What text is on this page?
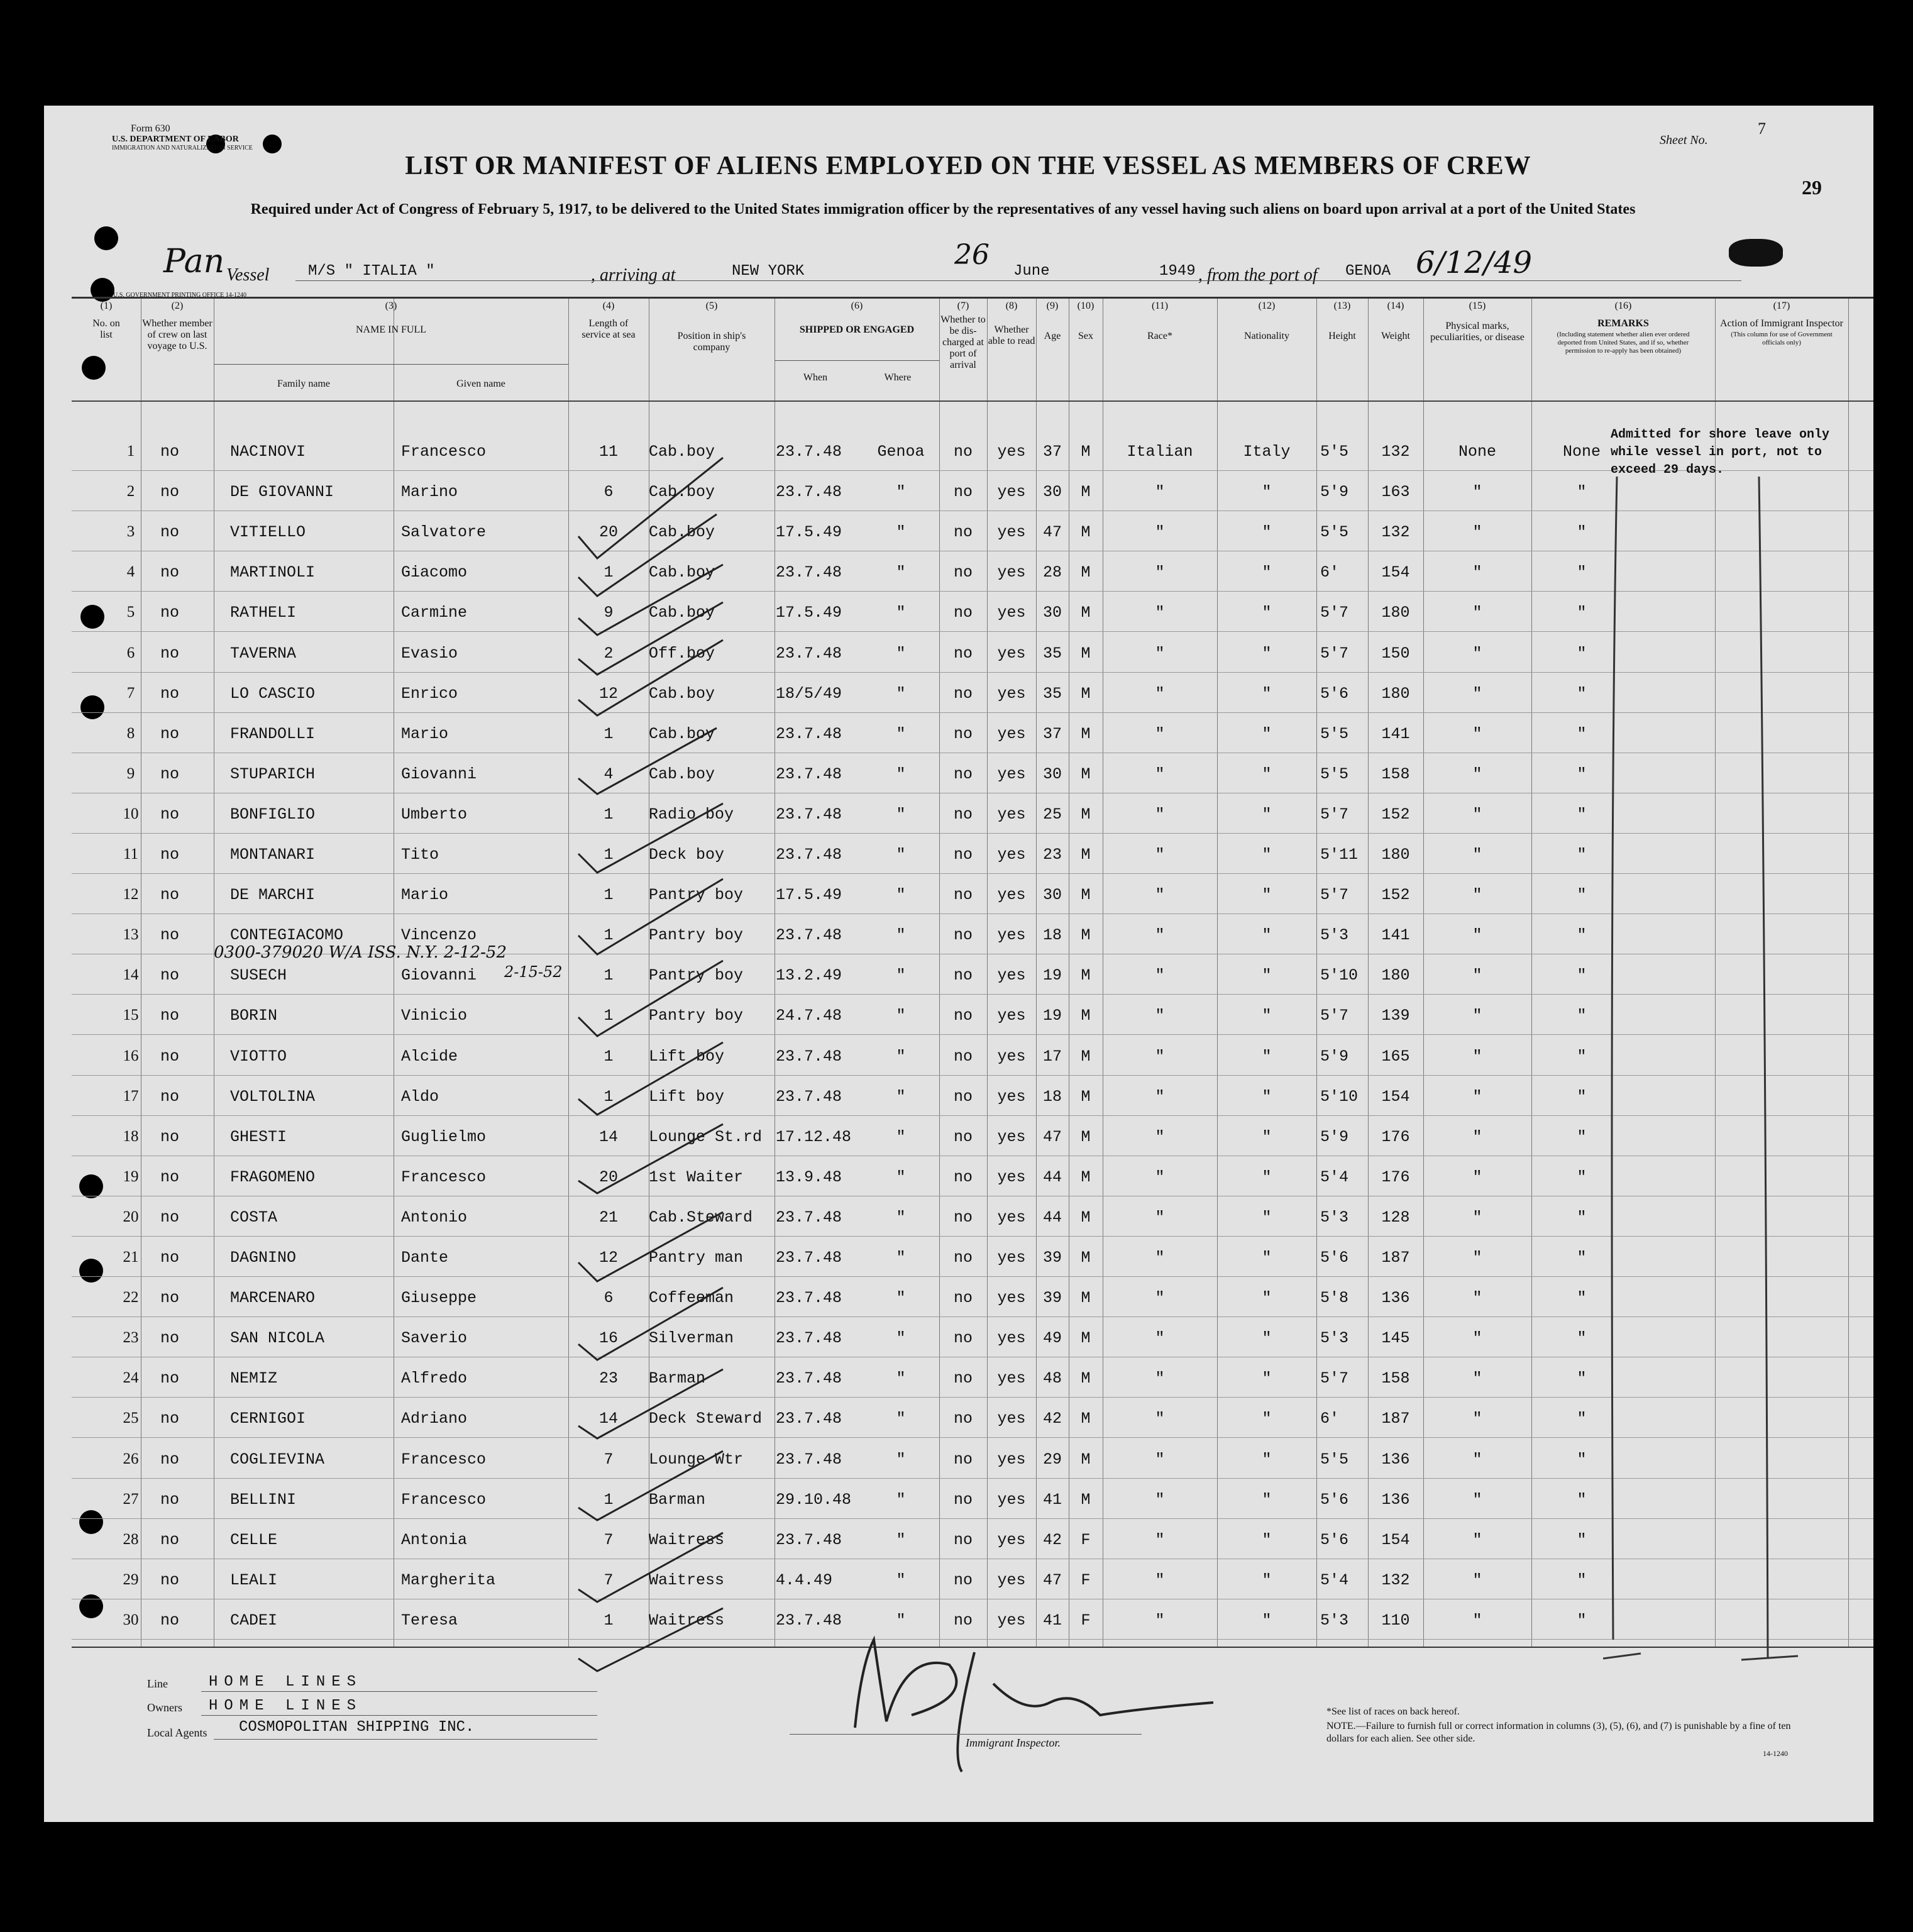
Form 630
U.S. DEPARTMENT OF LABOR
IMMIGRATION AND NATURALIZATION SERVICE
Sheet No.
7
29
LIST OR MANIFEST OF ALIENS EMPLOYED ON THE VESSEL AS MEMBERS OF CREW
Required under Act of Congress of February 5, 1917, to be delivered to the United States immigration officer by the representatives of any vessel having such aliens on board upon arrival at a port of the United States
Pan Vessel	M/S " ITALIA "	, arriving at	NEW YORK
26
June	1949 , from the port of GENOA 6/12/49
U.S. GOVERNMENT PRINTING OFFICE 14-1240
(1)
No. on list
(2)
Whether member of crew on last voyage to U.S.
(3)
NAME IN FULL
Family name	Given name
(4)
Length of service at sea
(5)
Position in ship's company
(6)
SHIPPED OR ENGAGED
When	Where
(7)
Whether to be dis-charged at port of arrival
(8)
Whether able to read
(9)
Age
(10)
Sex
(11)
Race*
(12)
Nationality
(13)
Height
(14)
Weight
(15)
Physical marks, peculiarities, or disease
(16)
REMARKS
(Including statement whether alien ever ordered deported from United States, and if so, whether permission to re-apply has been obtained)
(17)
Action of Immigrant Inspector
(This column for use of Government officials only)
1	no	NACINOVI	Francesco	11	Cab.boy	23.7.48	Genoa	no	yes	37	M	Italian	Italy	5'5	132	None	None
2	no	DE GIOVANNI	Marino	6	Cab.boy	23.7.48	"	no	yes	30	M	"	"	5'9	163	"	"
3	no	VITIELLO	Salvatore	20	Cab.boy	17.5.49	"	no	yes	47	M	"	"	5'5	132	"	"
4	no	MARTINOLI	Giacomo	1	Cab.boy	23.7.48	"	no	yes	28	M	"	"	6'	154	"	"
5	no	RATHELI	Carmine	9	Cab.boy	17.5.49	"	no	yes	30	M	"	"	5'7	180	"	"
6	no	TAVERNA	Evasio	2	Off.boy	23.7.48	"	no	yes	35	M	"	"	5'7	150	"	"
7	no	LO CASCIO	Enrico	12	Cab.boy	18/5/49	"	no	yes	35	M	"	"	5'6	180	"	"
8	no	FRANDOLLI	Mario	1	Cab.boy	23.7.48	"	no	yes	37	M	"	"	5'5	141	"	"
9	no	STUPARICH	Giovanni	4	Cab.boy	23.7.48	"	no	yes	30	M	"	"	5'5	158	"	"
10	no	BONFIGLIO	Umberto	1	Radio boy	23.7.48	"	no	yes	25	M	"	"	5'7	152	"	"
11	no	MONTANARI	Tito	1	Deck boy	23.7.48	"	no	yes	23	M	"	"	5'11	180	"	"
12	no	DE MARCHI	Mario	1	Pantry boy 17.5.49	"	no	yes	30	M	"	"	5'7	152	"	"
13	no	CONTEGIACOMO	Vincenzo	1	Pantry boy 23.7.48	"	no	yes	18	M	"	"	5'3	141	"	"
14	no	SUSECH	Giovanni	1	Pantry boy 13.2.49	"	no	yes	19	M	"	"	5'10	180	"	"
15	no	BORIN	Vinicio	1	Pantry boy 24.7.48	"	no	yes	19	M	"	"	5'7	139	"	"
16	no	VIOTTO	Alcide	1	Lift boy	23.7.48	"	no	yes	17	M	"	"	5'9	165	"	"
17	no	VOLTOLINA	Aldo	1	Lift boy	23.7.48	"	no	yes	18	M	"	"	5'10	154	"	"
18	no	GHESTI	Guglielmo	14	Lounge St.rd 17.12.48	"	no	yes	47	M	"	"	5'9	176	"	"
19	no	FRAGOMENO	Francesco	20	1st Waiter 13.9.48	"	no	yes	44	M	"	"	5'4	176	"	"
20	no	COSTA	Antonio	21	Cab.Steward 23.7.48	"	no	yes	44	M	"	"	5'3	128	"	"
21	no	DAGNINO	Dante	12	Pantry man 23.7.48	"	no	yes	39	M	"	"	5'6	187	"	"
22	no	MARCENARO	Giuseppe	6	Coffeeman	23.7.48	"	no	yes	39	M	"	"	5'8	136	"	"
23	no	SAN NICOLA	Saverio	16	Silverman	23.7.48	"	no	yes	49	M	"	"	5'3	145	"	"
24	no	NEMIZ	Alfredo	23	Barman	23.7.48	"	no	yes	48	M	"	"	5'7	158	"	"
25	no	CERNIGOI	Adriano	14	Deck Steward 23.7.48	"	no	yes	42	M	"	"	6'	187	"	"
26	no	COGLIEVINA	Francesco	7	Lounge Wtr 23.7.48	"	no	yes	29	M	"	"	5'5	136	"	"
27	no	BELLINI	Francesco	1	Barman	29.10.48	"	no	yes	41	M	"	"	5'6	136	"	"
28	no	CELLE	Antonia	7	Waitress	23.7.48	"	no	yes	42	F	"	"	5'6	154	"	"
29	no	LEALI	Margherita	7	Waitress	4.4.49	"	no	yes	47	F	"	"	5'4	132	"	"
30	no	CADEI	Teresa	1	Waitress	23.7.48	"	no	yes	41	F	"	"	5'3	110	"	"
Admitted for shore leave only while vessel in port, not to exceed 29 days.
0300-379020 W/A ISS. N.Y. 2-12-52
2-15-52
Line	HOME LINES
Owners HOME LINES
Local Agents COSMOPOLITAN SHIPPING INC.
Immigrant Inspector.
*See list of races on back hereof.
NOTE.—Failure to furnish full or correct information in columns (3), (5), (6), and (7) is punishable by a fine of ten dollars for each alien. See other side.
14-1240
